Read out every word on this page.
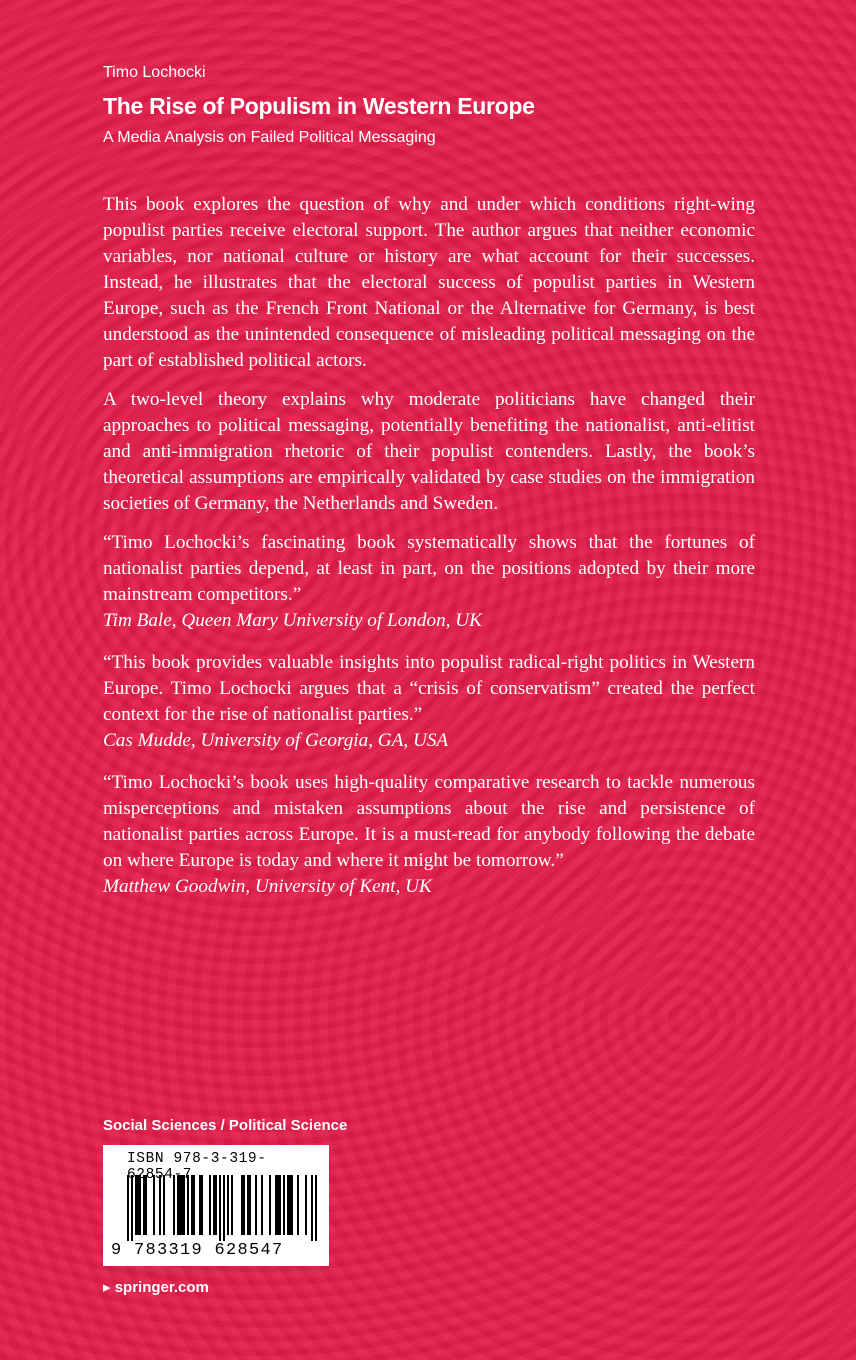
Timo Lochocki
The Rise of Populism in Western Europe
A Media Analysis on Failed Political Messaging

This book explores the question of why and under which conditions right-wing populist parties receive electoral support. The author argues that neither economic variables, nor national culture or history are what account for their successes. Instead, he illustrates that the electoral success of populist parties in Western Europe, such as the French Front National or the Alternative for Germany, is best understood as the unintended consequence of misleading political messaging on the part of established political actors.

A two-level theory explains why moderate politicians have changed their approaches to political messaging, potentially benefiting the nationalist, anti-elitist and anti-immigration rhetoric of their populist contenders. Lastly, the book’s theoretical assumptions are empirically validated by case studies on the immigration societies of Germany, the Netherlands and Sweden.

“Timo Lochocki’s fascinating book systematically shows that the fortunes of nationalist parties depend, at least in part, on the positions adopted by their more mainstream competitors.”

Tim Bale, Queen Mary University of London, UK

“This book provides valuable insights into populist radical-right politics in Western Europe. Timo Lochocki argues that a “crisis of conservatism” created the perfect context for the rise of nationalist parties.”

Cas Mudde, University of Georgia, GA, USA

“Timo Lochocki’s book uses high-quality comparative research to tackle numerous misperceptions and mistaken assumptions about the rise and persistence of nationalist parties across Europe. It is a must-read for anybody following the debate on where Europe is today and where it might be tomorrow.”

Matthew Goodwin, University of Kent, UK

Social Sciences / Political Science
ISBN 978-3-319- 854-7
9 783319 628547
▸ springer.com
